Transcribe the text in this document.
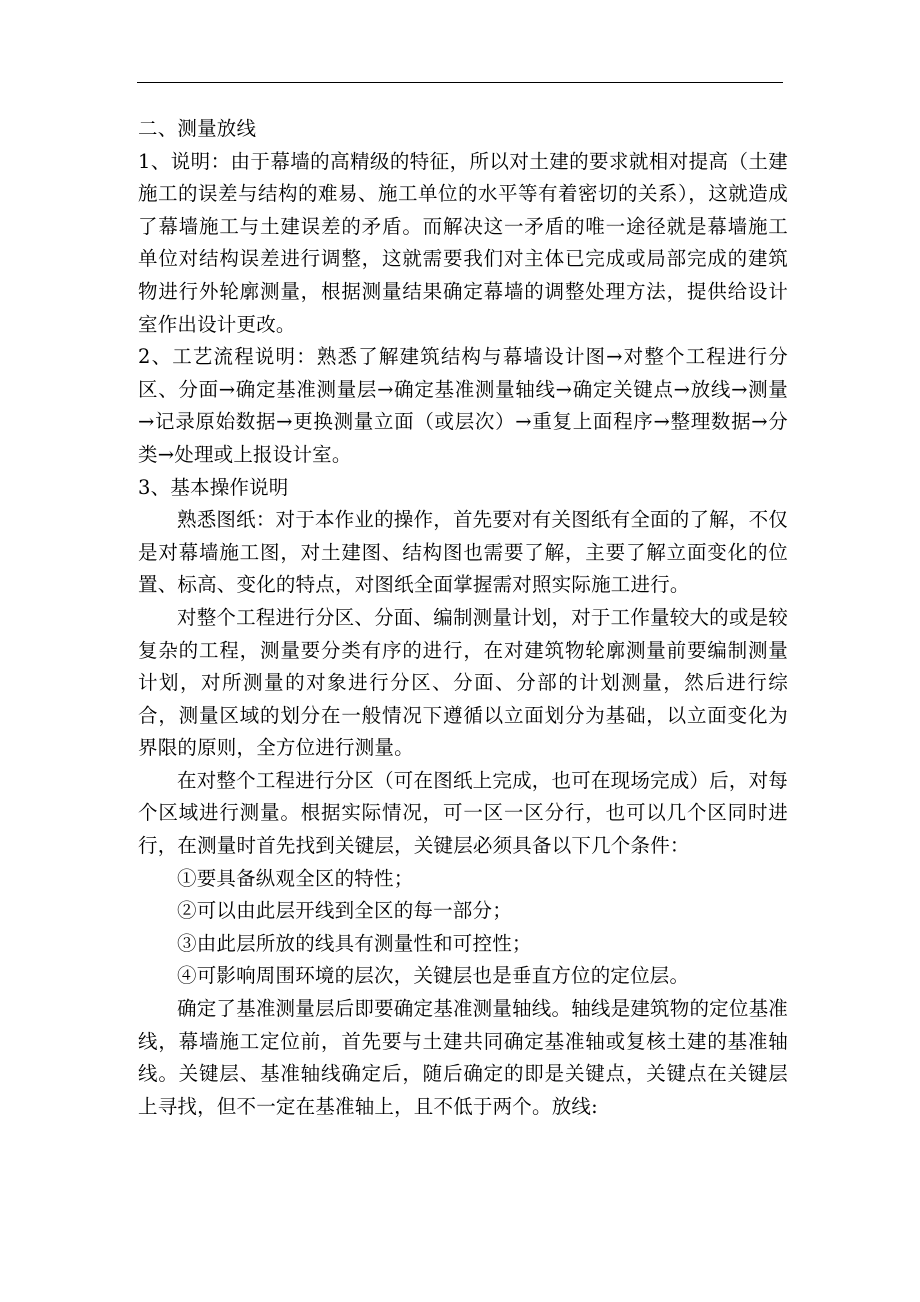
二、测量放线

1、说明：由于幕墙的高精级的特征，所以对土建的要求就相对提高（土建施工的误差与结构的难易、施工单位的水平等有着密切的关系），这就造成了幕墙施工与土建误差的矛盾。而解决这一矛盾的唯一途径就是幕墙施工单位对结构误差进行调整，这就需要我们对主体已完成或局部完成的建筑物进行外轮廓测量，根据测量结果确定幕墙的调整处理方法，提供给设计室作出设计更改。

2、工艺流程说明：熟悉了解建筑结构与幕墙设计图→对整个工程进行分区、分面→确定基准测量层→确定基准测量轴线→确定关键点→放线→测量→记录原始数据→更换测量立面（或层次）→重复上面程序→整理数据→分类→处理或上报设计室。

3、基本操作说明

熟悉图纸：对于本作业的操作，首先要对有关图纸有全面的了解，不仅是对幕墙施工图，对土建图、结构图也需要了解，主要了解立面变化的位置、标高、变化的特点，对图纸全面掌握需对照实际施工进行。

对整个工程进行分区、分面、编制测量计划，对于工作量较大的或是较复杂的工程，测量要分类有序的进行，在对建筑物轮廓测量前要编制测量计划，对所测量的对象进行分区、分面、分部的计划测量，然后进行综合，测量区域的划分在一般情况下遵循以立面划分为基础，以立面变化为界限的原则，全方位进行测量。

在对整个工程进行分区（可在图纸上完成，也可在现场完成）后，对每个区域进行测量。根据实际情况，可一区一区分行，也可以几个区同时进行，在测量时首先找到关键层，关键层必须具备以下几个条件：

①要具备纵观全区的特性；

②可以由此层开线到全区的每一部分；

③由此层所放的线具有测量性和可控性；

④可影响周围环境的层次，关键层也是垂直方位的定位层。

确定了基准测量层后即要确定基准测量轴线。轴线是建筑物的定位基准线，幕墙施工定位前，首先要与土建共同确定基准轴或复核土建的基准轴线。关键层、基准轴线确定后，随后确定的即是关键点，关键点在关键层上寻找，但不一定在基准轴上，且不低于两个。放线:
